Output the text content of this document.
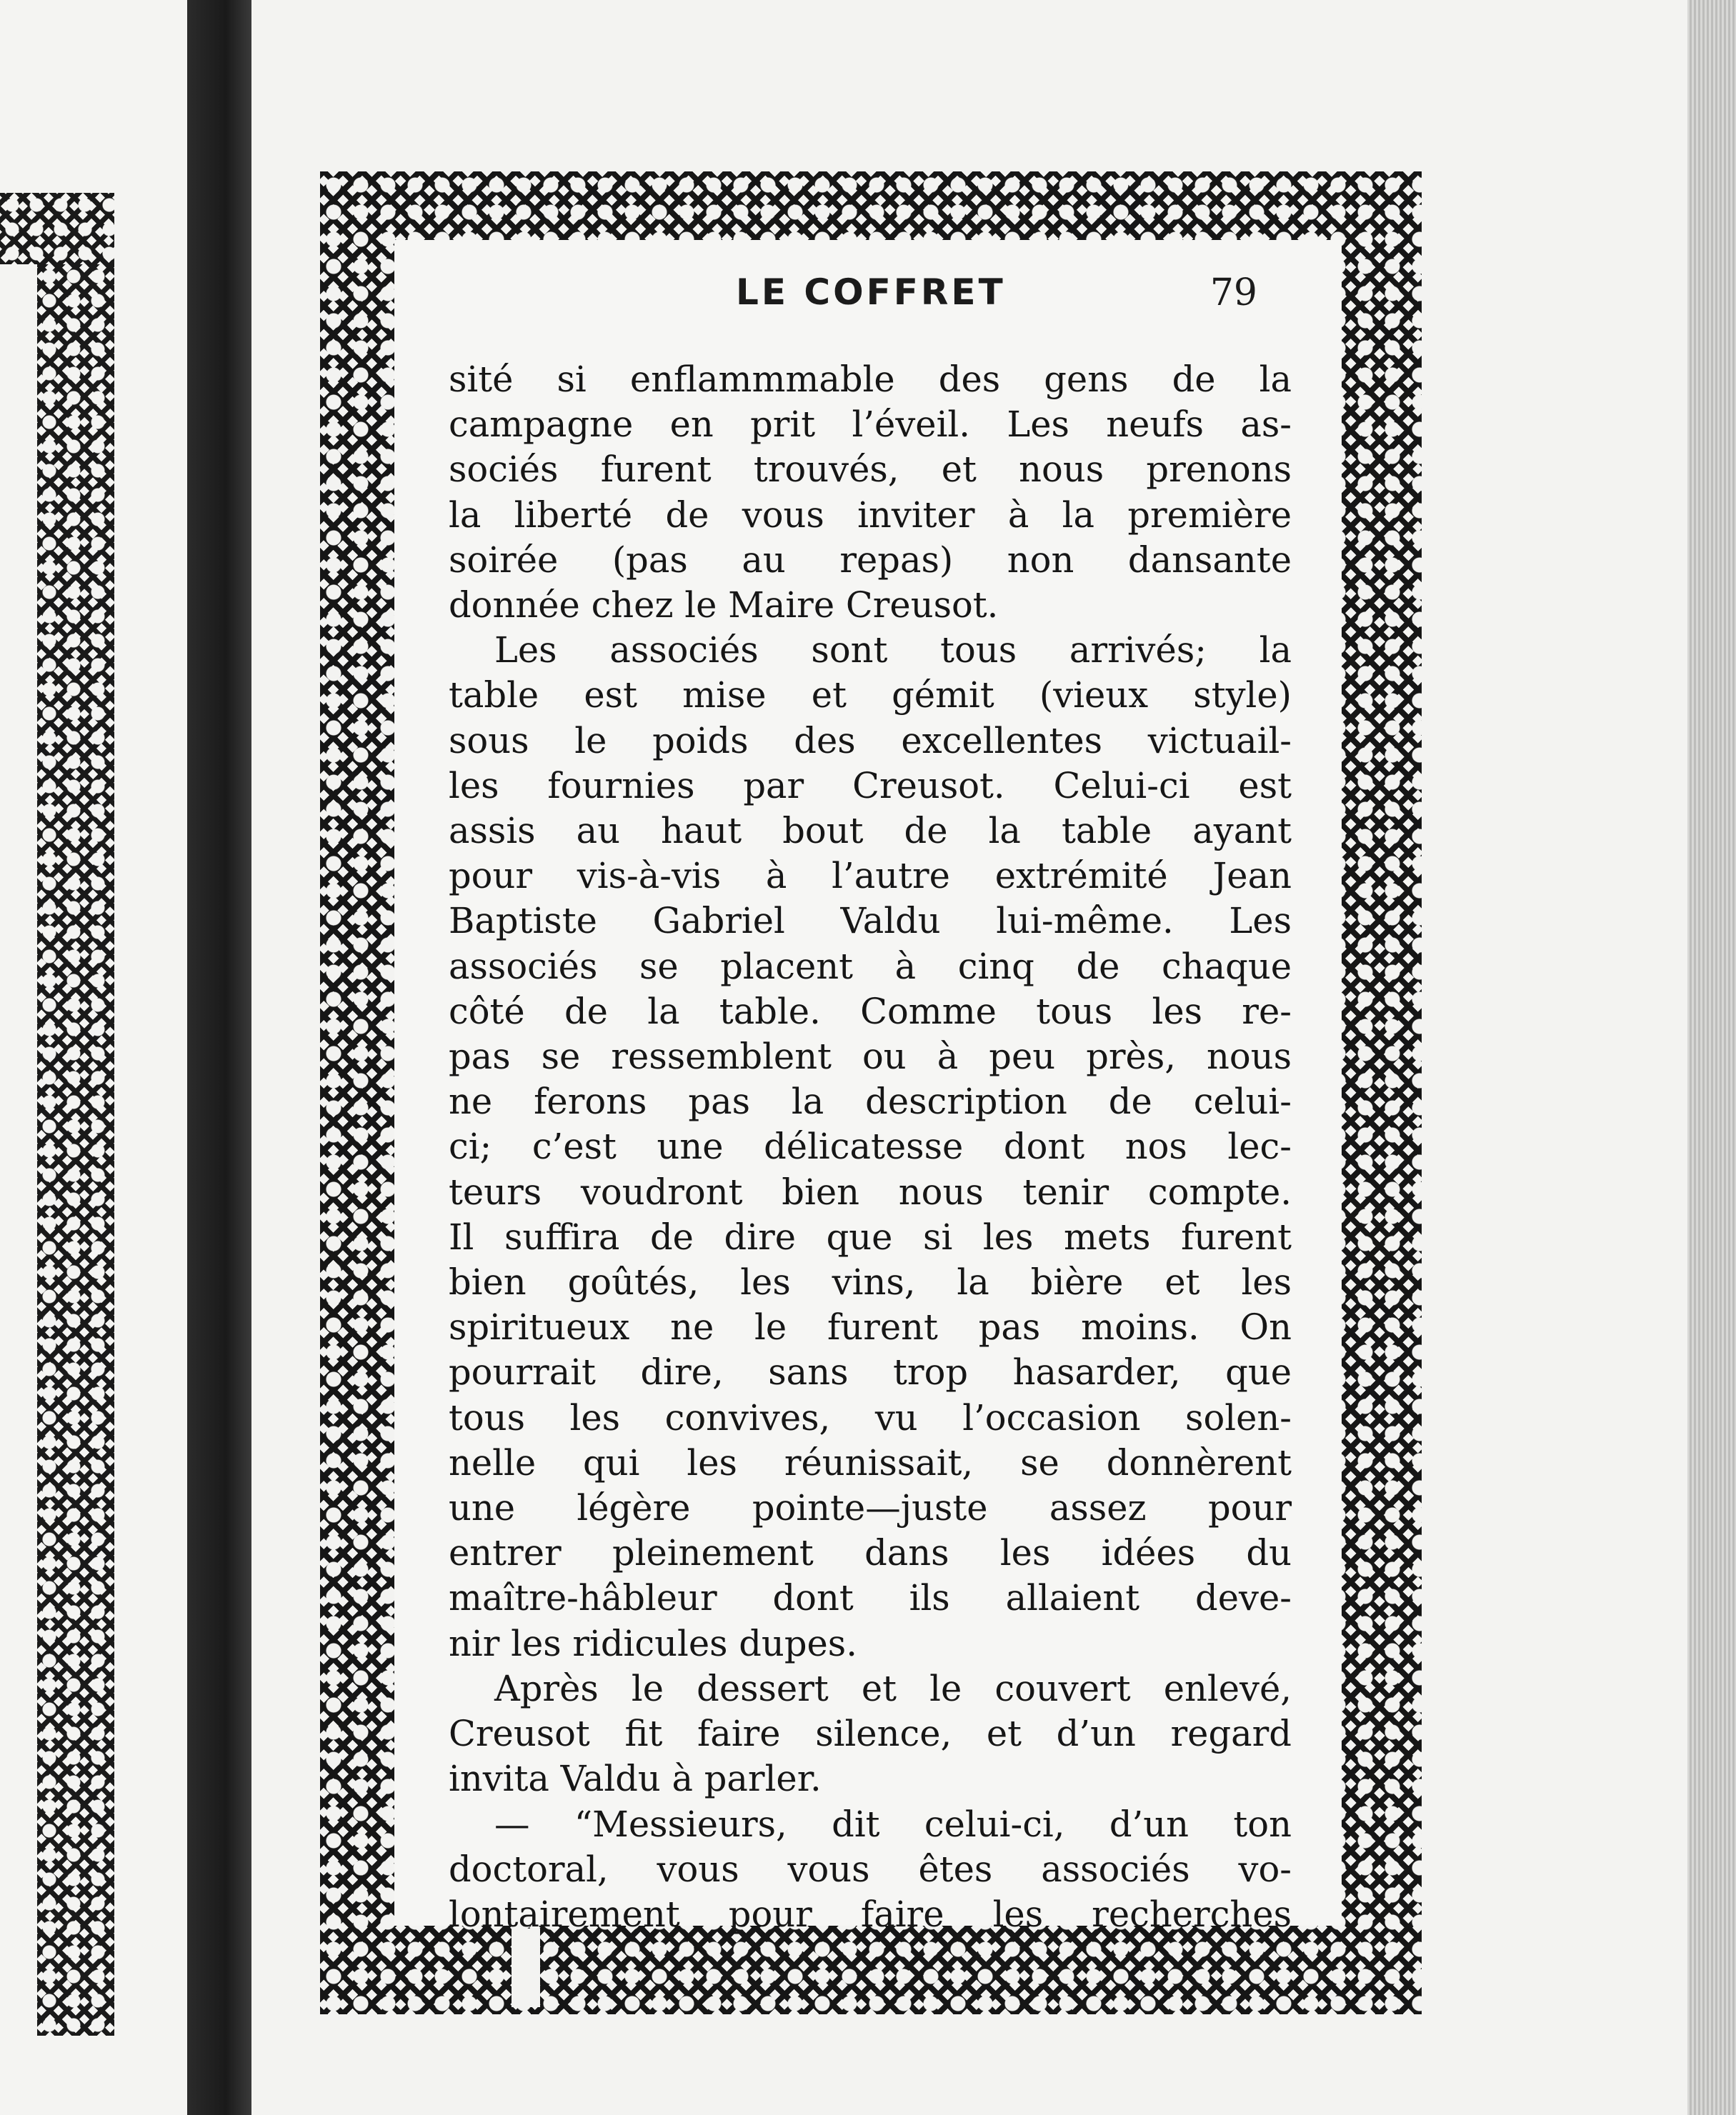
LE COFFRET	79
sité si enflammmable des gens de la
campagne en prit l’éveil. Les neufs as-
sociés furent trouvés, et nous prenons
la liberté de vous inviter à la première
soirée (pas au repas) non dansante
donnée chez le Maire Creusot.
Les associés sont tous arrivés; la
table est mise et gémit (vieux style)
sous le poids des excellentes victuail-
les fournies par Creusot. Celui-ci est
assis au haut bout de la table ayant
pour vis-à-vis à l’autre extrémité Jean
Baptiste Gabriel Valdu lui-même. Les
associés se placent à cinq de chaque
côté de la table. Comme tous les re-
pas se ressemblent ou à peu près, nous
ne ferons pas la description de celui-
ci; c’est une délicatesse dont nos lec-
teurs voudront bien nous tenir compte.
Il suffira de dire que si les mets furent
bien goûtés, les vins, la bière et les
spiritueux ne le furent pas moins. On
pourrait dire, sans trop hasarder, que
tous les convives, vu l’occasion solen-
nelle qui les réunissait, se donnèrent
une légère pointe—juste assez pour
entrer pleinement dans les idées du
maître-hâbleur dont ils allaient deve-
nir les ridicules dupes.
Après le dessert et le couvert enlevé,
Creusot fit faire silence, et d’un regard
invita Valdu à parler.
— “Messieurs, dit celui-ci, d’un ton
doctoral, vous vous êtes associés vo-
lontairement pour faire les recherches
